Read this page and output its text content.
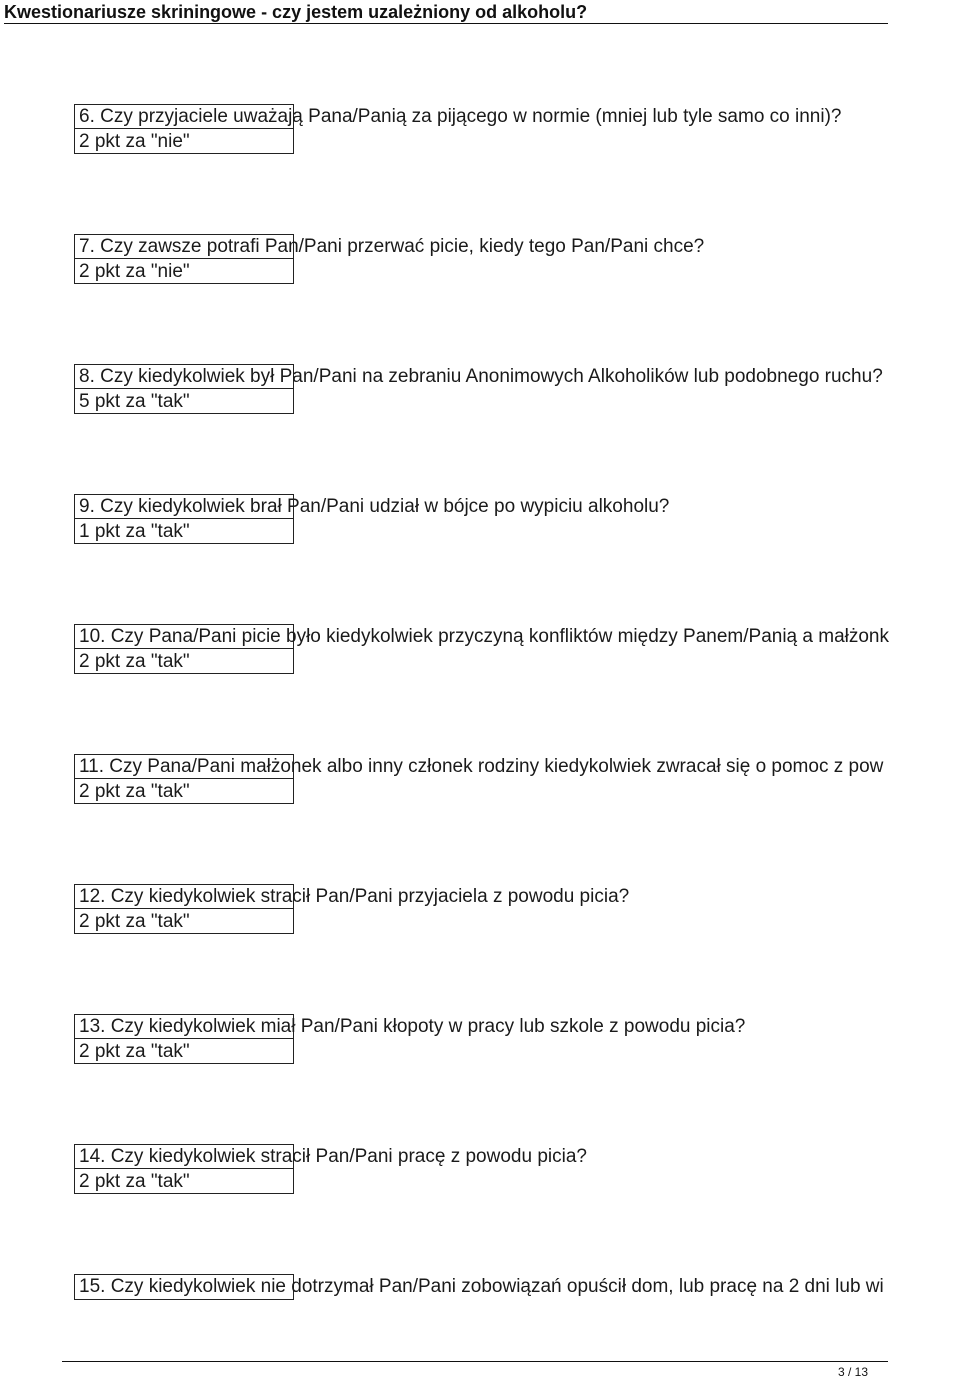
Kwestionariusze skriningowe - czy jestem uzależniony od alkoholu?
6. Czy przyjaciele uważają Pana/Panią za pijącego w normie (mniej lub tyle samo co inni)?
2 pkt za "nie"
7. Czy zawsze potrafi Pan/Pani przerwać picie, kiedy tego Pan/Pani chce?
2 pkt za "nie"
8. Czy kiedykolwiek był Pan/Pani na zebraniu Anonimowych Alkoholików lub podobnego ruchu?
5 pkt za "tak"
9. Czy kiedykolwiek brał Pan/Pani udział w bójce po wypiciu alkoholu?
1 pkt za "tak"
10. Czy Pana/Pani picie było kiedykolwiek przyczyną konfliktów między Panem/Panią a małżonk
2 pkt za "tak"
11. Czy Pana/Pani małżonek albo inny członek rodziny kiedykolwiek zwracał się o pomoc z pow
2 pkt za "tak"
12. Czy kiedykolwiek stracił Pan/Pani przyjaciela z powodu picia?
2 pkt za "tak"
13. Czy kiedykolwiek miał Pan/Pani kłopoty w pracy lub szkole z powodu picia?
2 pkt za "tak"
14. Czy kiedykolwiek stracił Pan/Pani pracę z powodu picia?
2 pkt za "tak"
15. Czy kiedykolwiek nie dotrzymał Pan/Pani zobowiązań opuścił dom, lub pracę na 2 dni lub wi
3 / 13
